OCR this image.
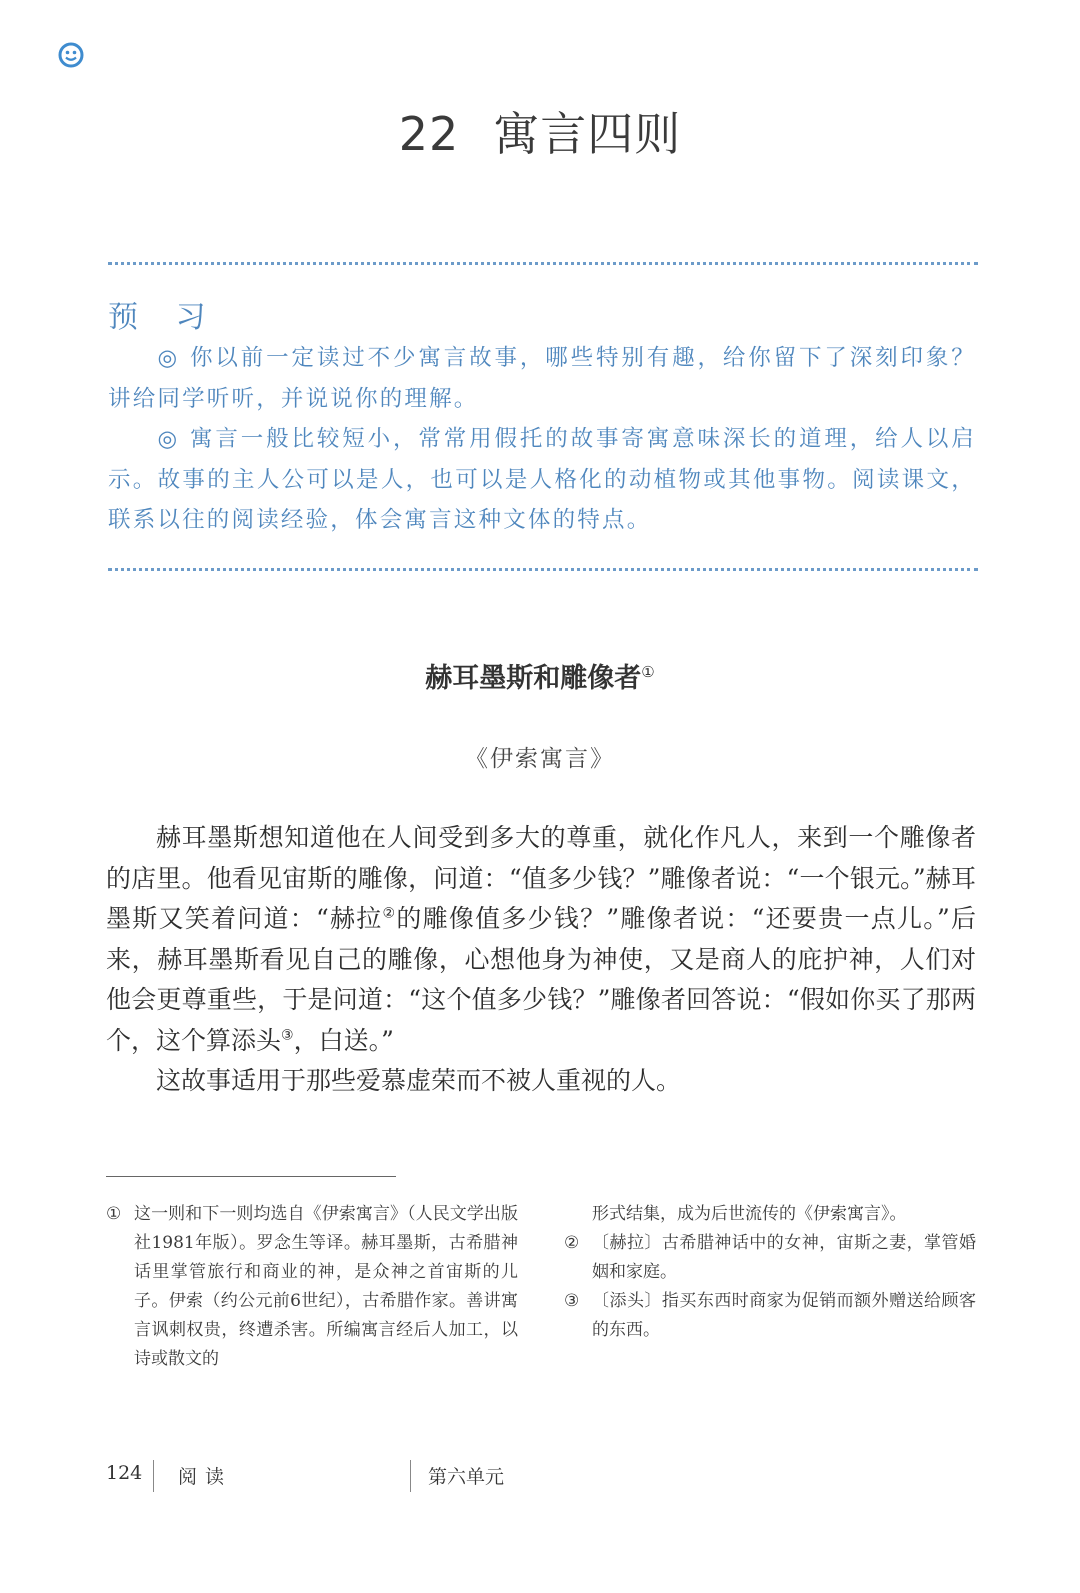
22 寓言四则
预 习

◎ 你以前一定读过不少寓言故事，哪些特别有趣，给你留下了深刻印象？讲给同学听听，并说说你的理解。

◎ 寓言一般比较短小，常常用假托的故事寄寓意味深长的道理，给人以启示。故事的主人公可以是人，也可以是人格化的动植物或其他事物。阅读课文，联系以往的阅读经验，体会寓言这种文体的特点。

赫耳墨斯和雕像者①
《伊索寓言》

赫耳墨斯想知道他在人间受到多大的尊重，就化作凡人，来到一个雕像者的店里。他看见宙斯的雕像，问道：“值多少钱？”雕像者说：“一个银元。”赫耳墨斯又笑着问道：“赫拉②的雕像值多少钱？”雕像者说：“还要贵一点儿。”后来，赫耳墨斯看见自己的雕像，心想他身为神使，又是商人的庇护神，人们对他会更尊重些，于是问道：“这个值多少钱？”雕像者回答说：“假如你买了那两个，这个算添头③，白送。”

这故事适用于那些爱慕虚荣而不被人重视的人。

① 这一则和下一则均选自《伊索寓言》（人民文学出版社1981年版）。罗念生等译。赫耳墨斯，古希腊神话里掌管旅行和商业的神，是众神之首宙斯的儿子。伊索（约公元前6世纪），古希腊作家。善讲寓言讽刺权贵，终遭杀害。所编寓言经后人加工，以诗或散文的
形式结集，成为后世流传的《伊索寓言》。
② 〔赫拉〕古希腊神话中的女神，宙斯之妻，掌管婚姻和家庭。
③ 〔添头〕指买东西时商家为促销而额外赠送给顾客的东西。
124 阅读	第六单元
